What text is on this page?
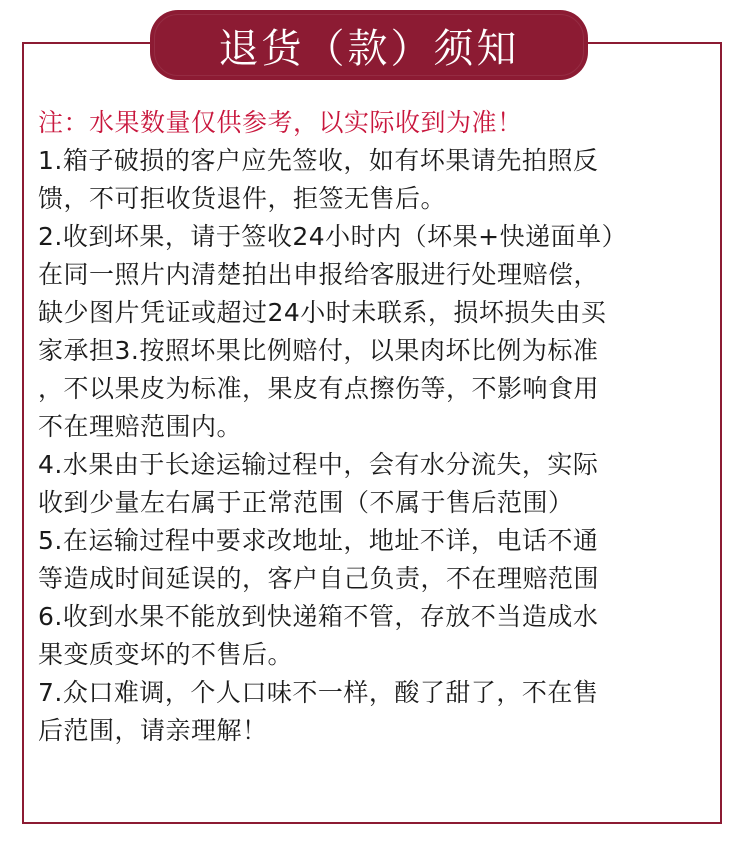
退货（款）须知
注：水果数量仅供参考，以实际收到为准！
1.箱子破损的客户应先签收，如有坏果请先拍照反
馈，不可拒收货退件，拒签无售后。
2.收到坏果，请于签收24小时内（坏果+快递面单）
在同一照片内清楚拍出申报给客服进行处理赔偿，
缺少图片凭证或超过24小时未联系，损坏损失由买
家承担3.按照坏果比例赔付，以果肉坏比例为标准
，不以果皮为标准，果皮有点擦伤等，不影响食用
不在理赔范围内。
4.水果由于长途运输过程中，会有水分流失，实际
收到少量左右属于正常范围（不属于售后范围）
5.在运输过程中要求改地址，地址不详，电话不通
等造成时间延误的，客户自己负责，不在理赔范围
6.收到水果不能放到快递箱不管，存放不当造成水
果变质变坏的不售后。
7.众口难调，个人口味不一样，酸了甜了，不在售
后范围，请亲理解！
